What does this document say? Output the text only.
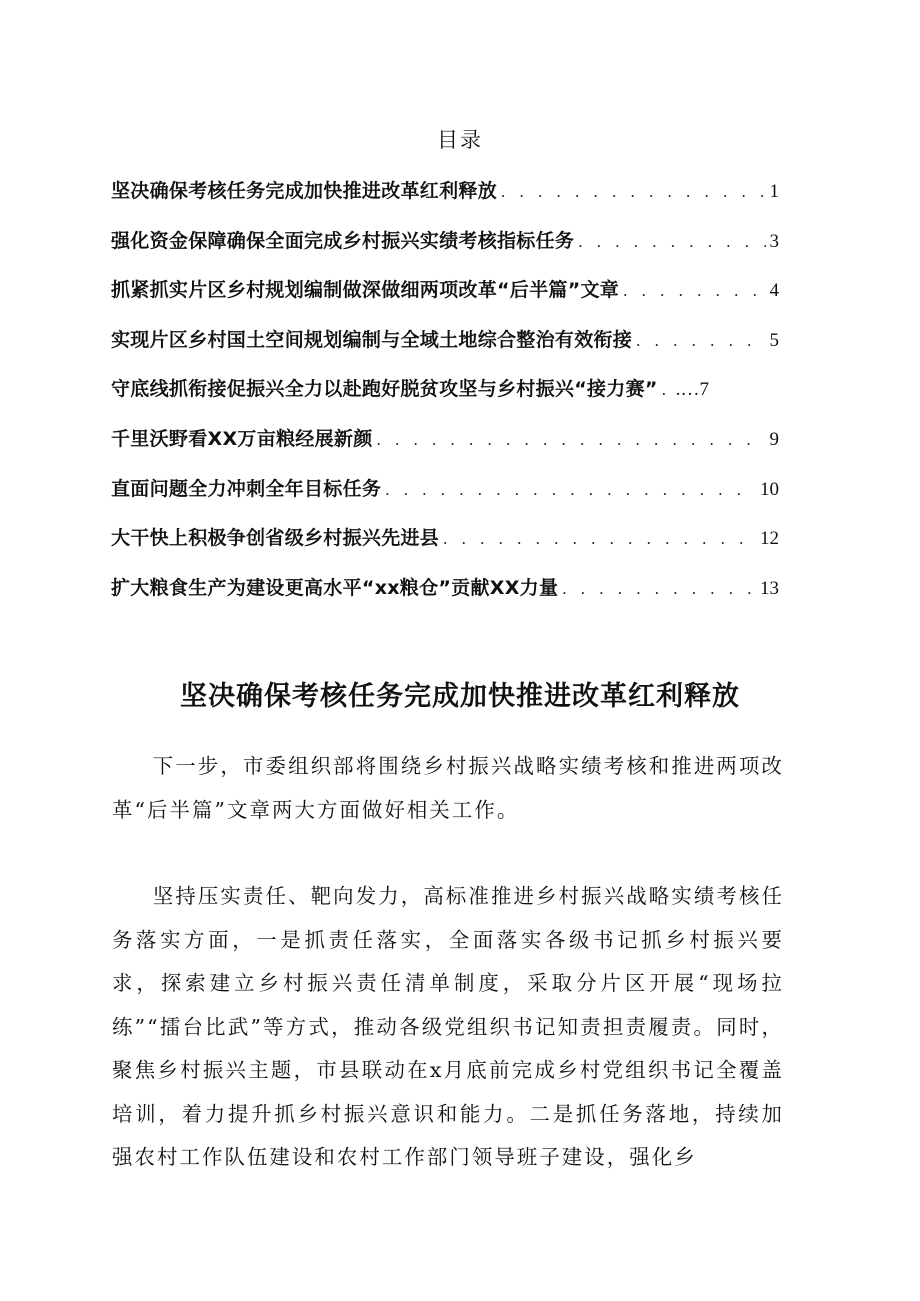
目录
坚决确保考核任务完成加快推进改革红利释放 . . .	1
强化资金保障确保全面完成乡村振兴实绩考核指标任务 . . .	3
抓紧抓实片区乡村规划编制做深做细两项改革“后半篇”文章 . . .	4
实现片区乡村国土空间规划编制与全域土地综合整治有效衔接 . . .	5
守底线抓衔接促振兴全力以赴跑好脱贫攻坚与乡村振兴“接力赛” . .…7
千里沃野看XX万亩粮经展新颜 . . .	9
直面问题全力冲刺全年目标任务 . . .	10
大干快上积极争创省级乡村振兴先进县 . . .	12
扩大粮食生产为建设更高水平“xx粮仓”贡献XX力量 . . .	13
坚决确保考核任务完成加快推进改革红利释放

下一步，市委组织部将围绕乡村振兴战略实绩考核和推进两项改革“后半篇”文章两大方面做好相关工作。

坚持压实责任、靶向发力，高标准推进乡村振兴战略实绩考核任务落实方面，一是抓责任落实，全面落实各级书记抓乡村振兴要求，探索建立乡村振兴责任清单制度，采取分片区开展“现场拉练”“擂台比武”等方式，推动各级党组织书记知责担责履责。同时，聚焦乡村振兴主题，市县联动在x月底前完成乡村党组织书记全覆盖培训，着力提升抓乡村振兴意识和能力。二是抓任务落地，持续加强农村工作队伍建设和农村工作部门领导班子建设，强化乡
